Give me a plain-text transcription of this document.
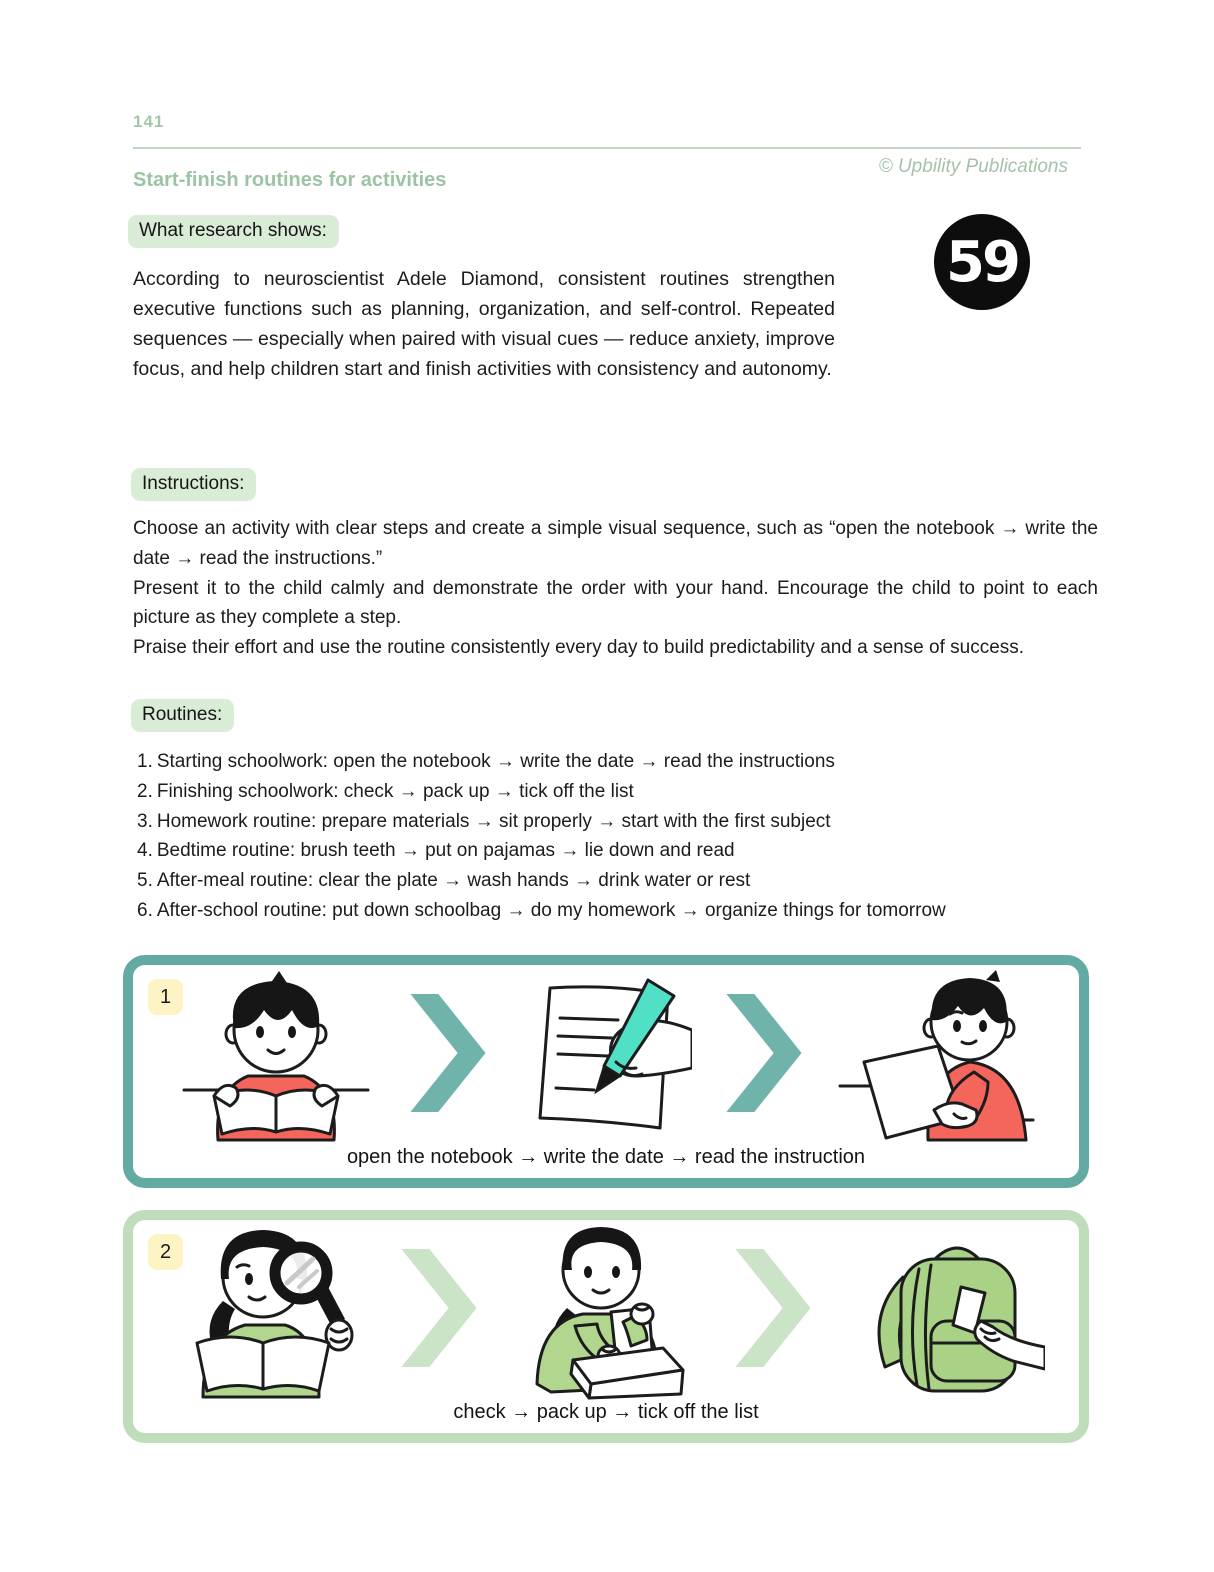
141
© Upbility Publications
Start-finish routines for activities
59
What research shows:

According to neuroscientist Adele Diamond, consistent routines strengthen executive functions such as planning, organization, and self-control. Repeated sequences — especially when paired with visual cues — reduce anxiety, improve focus, and help children start and finish activities with consistency and autonomy.

Instructions:

Choose an activity with clear steps and create a simple visual sequence, such as “open the notebook → write the date → read the instructions.”

Present it to the child calmly and demonstrate the order with your hand. Encourage the child to point to each picture as they complete a step.

Praise their effort and use the routine consistently every day to build predictability and a sense of success.

Routines:
Starting schoolwork: open the notebook → write the date → read the instructions
Finishing schoolwork: check → pack up → tick off the list
Homework routine: prepare materials → sit properly → start with the first subject
Bedtime routine: brush teeth → put on pajamas → lie down and read
After-meal routine: clear the plate → wash hands → drink water or rest
After-school routine: put down schoolbag → do my homework → organize things for tomorrow
1
open the notebook → write the date → read the instruction
2
check → pack up → tick off the list
